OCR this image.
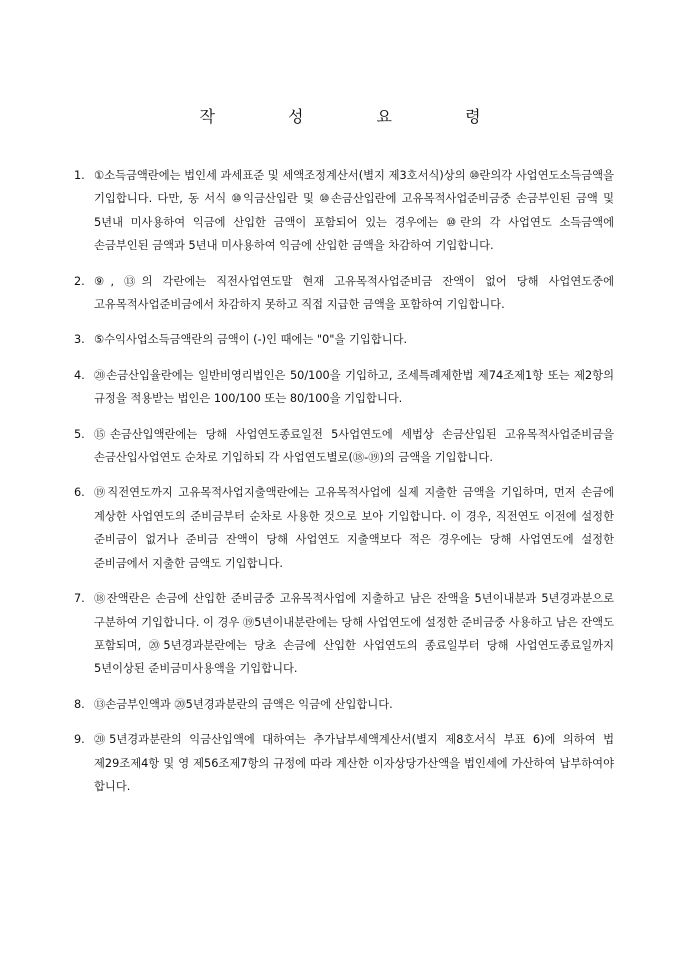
작 성 요 령
1. ①소득금액란에는 법인세 과세표준 및 세액조정계산서(별지 제3호서식)상의 ⑩란의각 사업연도소득금액을 기입합니다. 다만, 동 서식 ⑩익금산입란 및 ⑩손금산입란에 고유목적사업준비금중 손금부인된 금액 및 5년내 미사용하여 익금에 산입한 금액이 포함되어 있는 경우에는 ⑩란의 각 사업연도 소득금액에 손금부인된 금액과 5년내 미사용하여 익금에 산입한 금액을 차감하여 기입합니다.
2. ⑨, ⑬의 각란에는 직전사업연도말 현재 고유목적사업준비금 잔액이 없어 당해 사업연도중에 고유목적사업준비금에서 차감하지 못하고 직접 지급한 금액을 포함하여 기입합니다.
3. ⑤수익사업소득금액란의 금액이 (-)인 때에는 "0"을 기입합니다.
4. ⑳손금산입율란에는 일반비영리법인은 50/100을 기입하고, 조세특례제한법 제74조제1항 또는 제2항의 규정을 적용받는 법인은 100/100 또는 80/100을 기입합니다.
5. ⑮손금산입액란에는 당해 사업연도종료일전 5사업연도에 세법상 손금산입된 고유목적사업준비금을 손금산입사업연도 순차로 기입하되 각 사업연도별로(⑱-⑲)의 금액을 기입합니다.
6. ⑲직전연도까지 고유목적사업지출액란에는 고유목적사업에 실제 지출한 금액을 기입하며, 먼저 손금에 계상한 사업연도의 준비금부터 순차로 사용한 것으로 보아 기입합니다. 이 경우, 직전연도 이전에 설정한 준비금이 없거나 준비금 잔액이 당해 사업연도 지출액보다 적은 경우에는 당해 사업연도에 설정한 준비금에서 지출한 금액도 기입합니다.
7. ⑱잔액란은 손금에 산입한 준비금중 고유목적사업에 지출하고 남은 잔액을 5년이내분과 5년경과분으로 구분하여 기입합니다. 이 경우 ⑲5년이내분란에는 당해 사업연도에 설정한 준비금중 사용하고 남은 잔액도 포함되며, ⑳5년경과분란에는 당초 손금에 산입한 사업연도의 종료일부터 당해 사업연도종료일까지 5년이상된 준비금미사용액을 기입합니다.
8. ⑬손금부인액과 ⑳5년경과분란의 금액은 익금에 산입합니다.
9. ⑳5년경과분란의 익금산입액에 대하여는 추가납부세액계산서(별지 제8호서식 부표 6)에 의하여 법 제29조제4항 및 영 제56조제7항의 규정에 따라 계산한 이자상당가산액을 법인세에 가산하여 납부하여야 합니다.
